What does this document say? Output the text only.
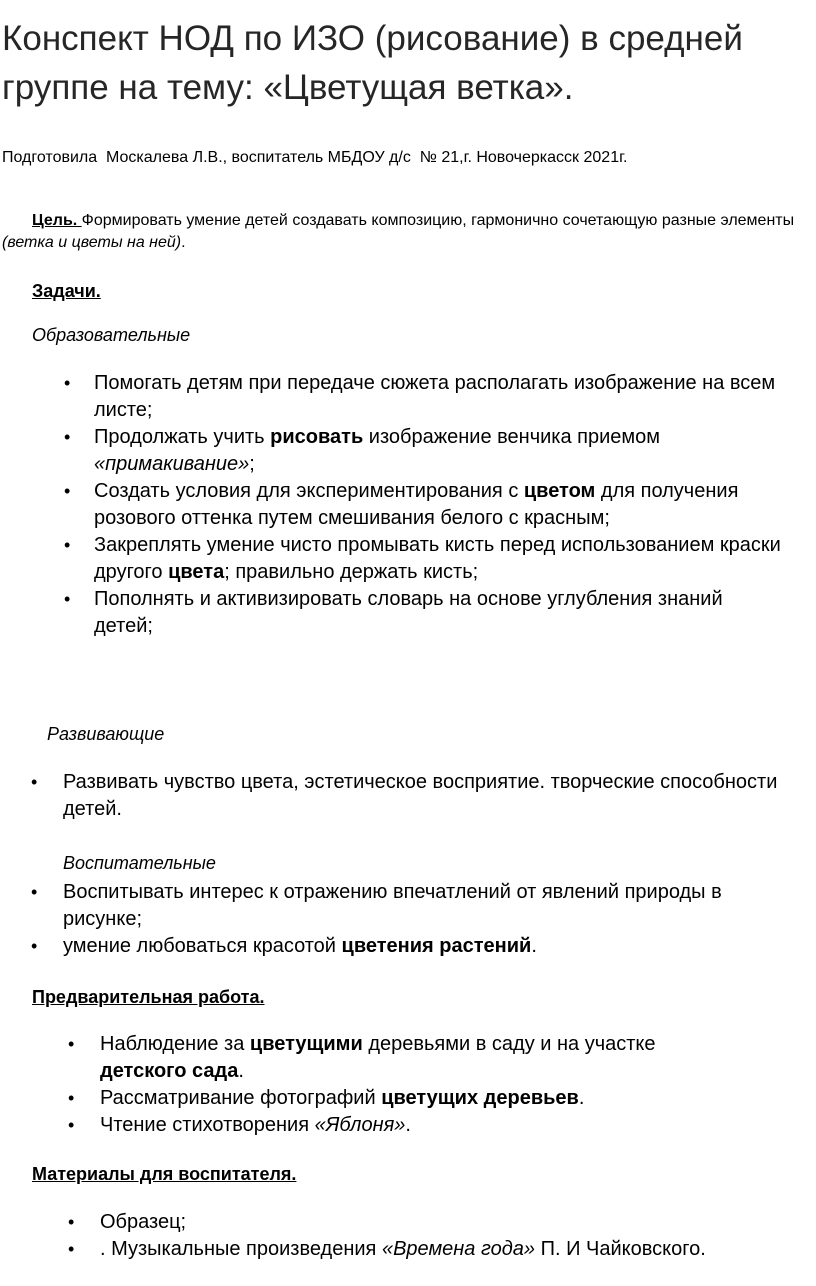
Конспект НОД по ИЗО (рисование) в средней группе на тему: «Цветущая ветка».
Подготовила  Москалева Л.В., воспитатель МБДОУ д/с  № 21,г. Новочеркасск 2021г.
Цель. Формировать умение детей создавать композицию, гармонично сочетающую разные элементы (ветка и цветы на ней).
Задачи.
Образовательные
• Помогать детям при передаче сюжета располагать изображение на всем листе;
• Продолжать учить рисовать изображение венчика приемом «примакивание»;
• Создать условия для экспериментирования с цветом для получения розового оттенка путем смешивания белого с красным;
• Закреплять умение чисто промывать кисть перед использованием краски другого цвета; правильно держать кисть;
• Пополнять и активизировать словарь на основе углубления знаний детей;
Развивающие
• Развивать чувство цвета, эстетическое восприятие. творческие способности детей.
Воспитательные
• Воспитывать интерес к отражению впечатлений от явлений природы в рисунке;
• умение любоваться красотой цветения растений.
Предварительная работа.
• Наблюдение за цветущими деревьями в саду и на участке детского сада.
• Рассматривание фотографий цветущих деревьев.
• Чтение стихотворения «Яблоня».
Материалы для воспитателя.
• Образец;
• . Музыкальные произведения «Времена года» П. И Чайковского.
